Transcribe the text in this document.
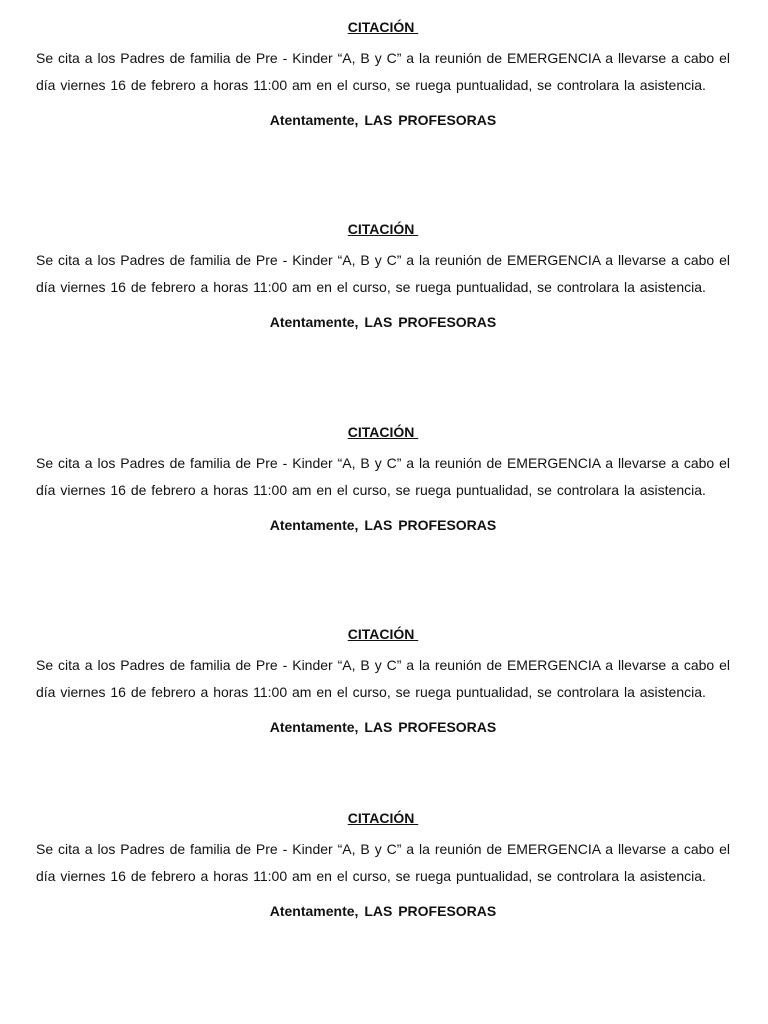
CITACIÓN

Se cita a los Padres de familia de Pre - Kinder “A, B y C” a la reunión de EMERGENCIA a llevarse a cabo el día viernes 16 de febrero a horas 11:00 am en el curso, se ruega puntualidad, se controlara la asistencia.

Atentamente, LAS PROFESORAS

CITACIÓN

Se cita a los Padres de familia de Pre - Kinder “A, B y C” a la reunión de EMERGENCIA a llevarse a cabo el día viernes 16 de febrero a horas 11:00 am en el curso, se ruega puntualidad, se controlara la asistencia.

Atentamente, LAS PROFESORAS

CITACIÓN

Se cita a los Padres de familia de Pre - Kinder “A, B y C” a la reunión de EMERGENCIA a llevarse a cabo el día viernes 16 de febrero a horas 11:00 am en el curso, se ruega puntualidad, se controlara la asistencia.

Atentamente, LAS PROFESORAS

CITACIÓN

Se cita a los Padres de familia de Pre - Kinder “A, B y C” a la reunión de EMERGENCIA a llevarse a cabo el día viernes 16 de febrero a horas 11:00 am en el curso, se ruega puntualidad, se controlara la asistencia.

Atentamente, LAS PROFESORAS

CITACIÓN

Se cita a los Padres de familia de Pre - Kinder “A, B y C” a la reunión de EMERGENCIA a llevarse a cabo el día viernes 16 de febrero a horas 11:00 am en el curso, se ruega puntualidad, se controlara la asistencia.

Atentamente, LAS PROFESORAS
